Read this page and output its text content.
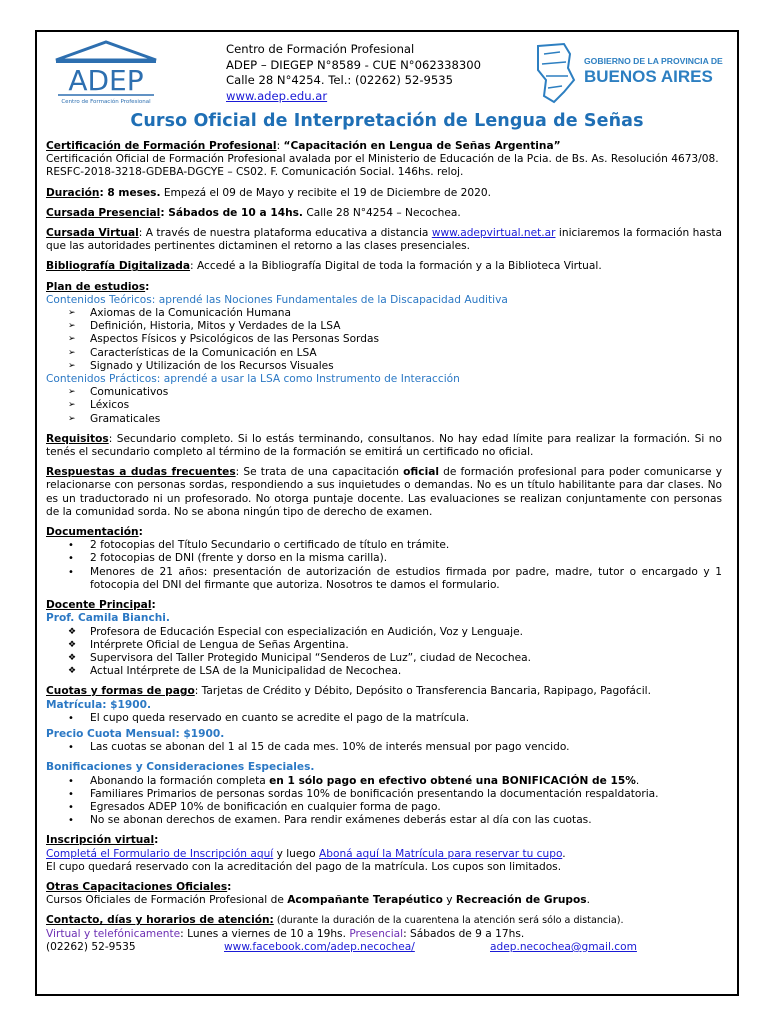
ADEP
Centro de Formación Profesional
Centro de Formación Profesional
ADEP – DIEGEP N°8589 - CUE N°062338300
Calle 28 N°4254. Tel.: (02262) 52-9535
www.adep.edu.ar
GOBIERNO DE LA PROVINCIA DE
BUENOS AIRES
Curso Oficial de Interpretación de Lengua de Señas

Certificación de Formación Profesional: “Capacitación en Lengua de Señas Argentina”

Certificación Oficial de Formación Profesional avalada por el Ministerio de Educación de la Pcia. de Bs. As. Resolución 4673/08. RESFC-2018-3218-GDEBA-DGCYE – CS02. F. Comunicación Social. 146hs. reloj.

Duración: 8 meses. Empezá el 09 de Mayo y recibite el 19 de Diciembre de 2020.

Cursada Presencial: Sábados de 10 a 14hs. Calle 28 N°4254 – Necochea.

Cursada Virtual: A través de nuestra plataforma educativa a distancia www.adepvirtual.net.ar iniciaremos la formación hasta que las autoridades pertinentes dictaminen el retorno a las clases presenciales.

Bibliografía Digitalizada: Accedé a la Bibliografía Digital de toda la formación y a la Biblioteca Virtual.

Plan de estudios:

Contenidos Teóricos: aprendé las Nociones Fundamentales de la Discapacidad Auditiva

➢ Axiomas de la Comunicación Humana
➢ Definición, Historia, Mitos y Verdades de la LSA
➢ Aspectos Físicos y Psicológicos de las Personas Sordas
➢ Características de la Comunicación en LSA
➢ Signado y Utilización de los Recursos Visuales

Contenidos Prácticos: aprendé a usar la LSA como Instrumento de Interacción

➢ Comunicativos
➢ Léxicos
➢ Gramaticales

Requisitos: Secundario completo. Si lo estás terminando, consultanos. No hay edad límite para realizar la formación. Si no tenés el secundario completo al término de la formación se emitirá un certificado no oficial.

Respuestas a dudas frecuentes: Se trata de una capacitación oficial de formación profesional para poder comunicarse y relacionarse con personas sordas, respondiendo a sus inquietudes o demandas. No es un título habilitante para dar clases. No es un traductorado ni un profesorado. No otorga puntaje docente. Las evaluaciones se realizan conjuntamente con personas de la comunidad sorda. No se abona ningún tipo de derecho de examen.

Documentación:

• 2 fotocopias del Título Secundario o certificado de título en trámite.
• 2 fotocopias de DNI (frente y dorso en la misma carilla).
• Menores de 21 años: presentación de autorización de estudios firmada por padre, madre, tutor o encargado y 1 fotocopia del DNI del firmante que autoriza. Nosotros te damos el formulario.

Docente Principal:

Prof. Camila Bianchi.

❖ Profesora de Educación Especial con especialización en Audición, Voz y Lenguaje.
❖ Intérprete Oficial de Lengua de Señas Argentina.
❖ Supervisora del Taller Protegido Municipal “Senderos de Luz”, ciudad de Necochea.
❖ Actual Intérprete de LSA de la Municipalidad de Necochea.

Cuotas y formas de pago: Tarjetas de Crédito y Débito, Depósito o Transferencia Bancaria, Rapipago, Pagofácil.

Matrícula: $1900.

• El cupo queda reservado en cuanto se acredite el pago de la matrícula.

Precio Cuota Mensual: $1900.

• Las cuotas se abonan del 1 al 15 de cada mes. 10% de interés mensual por pago vencido.

Bonificaciones y Consideraciones Especiales.

• Abonando la formación completa en 1 sólo pago en efectivo obtené una BONIFICACIÓN de 15%.
• Familiares Primarios de personas sordas 10% de bonificación presentando la documentación respaldatoria.
• Egresados ADEP 10% de bonificación en cualquier forma de pago.
• No se abonan derechos de examen. Para rendir exámenes deberás estar al día con las cuotas.

Inscripción virtual:

Completá el Formulario de Inscripción aquí y luego Aboná aquí la Matrícula para reservar tu cupo.

El cupo quedará reservado con la acreditación del pago de la matrícula. Los cupos son limitados.

Otras Capacitaciones Oficiales:

Cursos Oficiales de Formación Profesional de Acompañante Terapéutico y Recreación de Grupos.

Contacto, días y horarios de atención: (durante la duración de la cuarentena la atención será sólo a distancia).

Virtual y telefónicamente: Lunes a viernes de 10 a 19hs. Presencial: Sábados de 9 a 17hs.

(02262) 52-9535	www.facebook.com/adep.necochea/	adep.necochea@gmail.com
